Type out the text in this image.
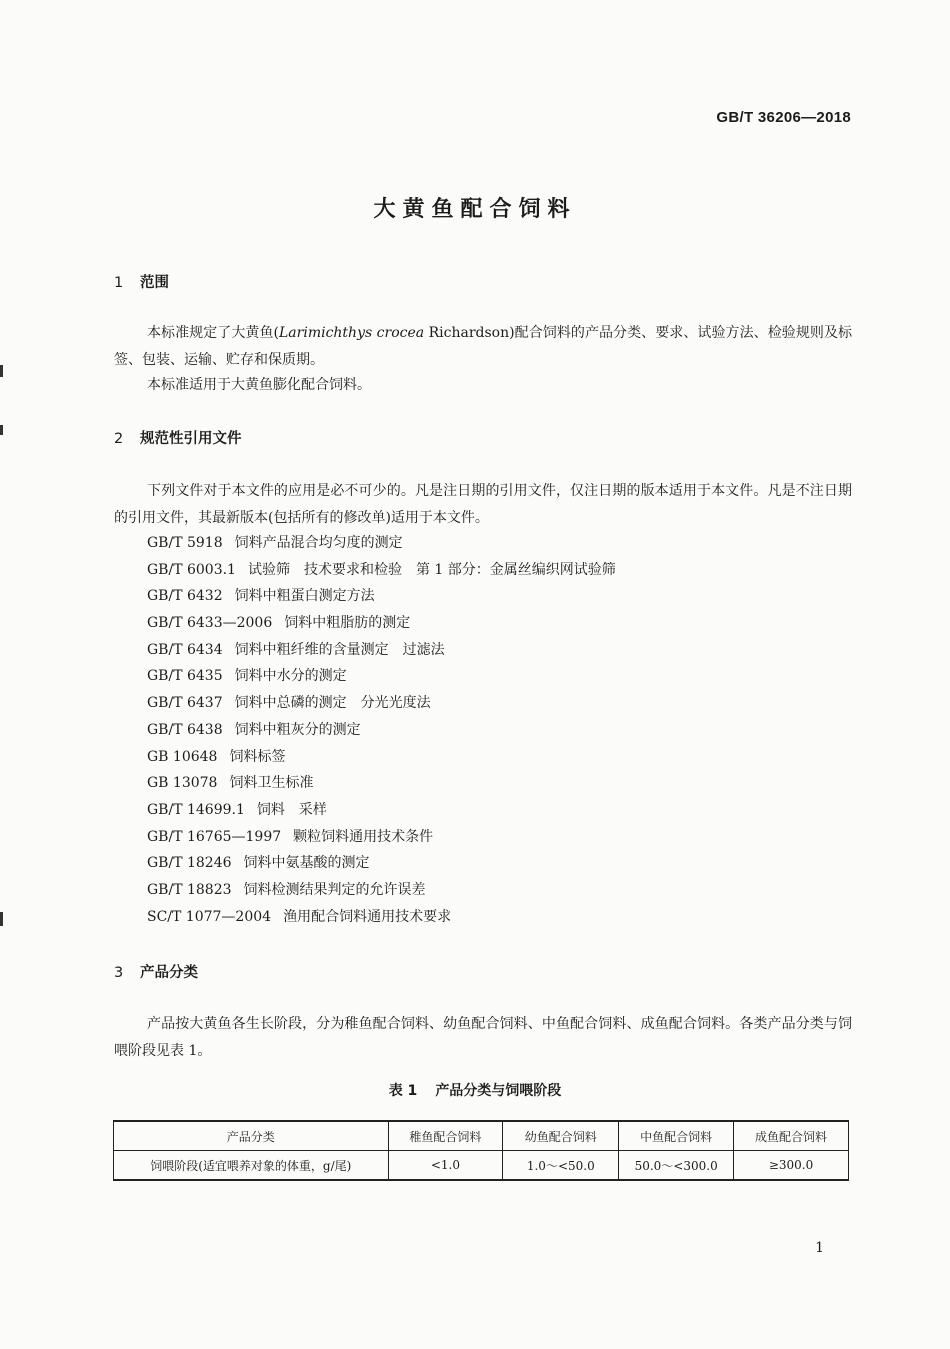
GB/T 36206—2018
大黄鱼配合饲料
1 范围

本标准规定了大黄鱼(Larimichthys crocea Richardson)配合饲料的产品分类、要求、试验方法、检验规则及标签、包装、运输、贮存和保质期。

本标准适用于大黄鱼膨化配合饲料。

2 规范性引用文件

下列文件对于本文件的应用是必不可少的。凡是注日期的引用文件，仅注日期的版本适用于本文件。凡是不注日期的引用文件，其最新版本(包括所有的修改单)适用于本文件。

GB/T 5918 饲料产品混合均匀度的测定
GB/T 6003.1 试验筛　技术要求和检验　第 1 部分：金属丝编织网试验筛
GB/T 6432 饲料中粗蛋白测定方法
GB/T 6433—2006 饲料中粗脂肪的测定
GB/T 6434 饲料中粗纤维的含量测定　过滤法
GB/T 6435 饲料中水分的测定
GB/T 6437 饲料中总磷的测定　分光光度法
GB/T 6438 饲料中粗灰分的测定
GB 10648 饲料标签
GB 13078 饲料卫生标准
GB/T 14699.1 饲料　采样
GB/T 16765—1997 颗粒饲料通用技术条件
GB/T 18246 饲料中氨基酸的测定
GB/T 18823 饲料检测结果判定的允许误差
SC/T 1077—2004 渔用配合饲料通用技术要求
3 产品分类

产品按大黄鱼各生长阶段，分为稚鱼配合饲料、幼鱼配合饲料、中鱼配合饲料、成鱼配合饲料。各类产品分类与饲喂阶段见表 1。

表 1 产品分类与饲喂阶段
产品分类	稚鱼配合饲料	幼鱼配合饲料	中鱼配合饲料	成鱼配合饲料
饲喂阶段(适宜喂养对象的体重，g/尾)	<1.0	1.0～<50.0	50.0～<300.0	≥300.0
1
